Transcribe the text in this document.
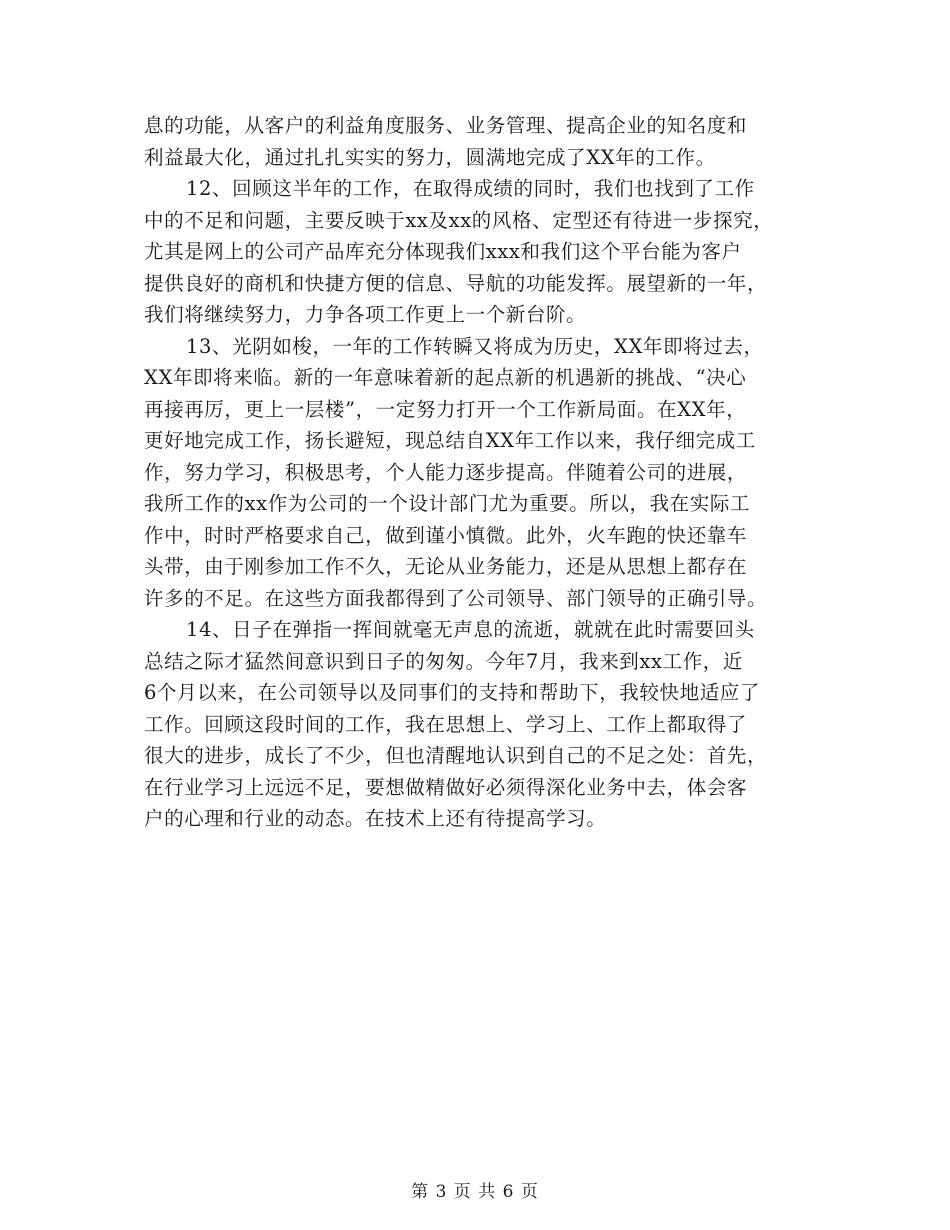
息的功能，从客户的利益角度服务、业务管理、提高企业的知名度和
利益最大化，通过扎扎实实的努力，圆满地完成了XX年的工作。
12、回顾这半年的工作，在取得成绩的同时，我们也找到了工作
中的不足和问题，主要反映于xx及xx的风格、定型还有待进一步探究，
尤其是网上的公司产品库充分体现我们xxx和我们这个平台能为客户
提供良好的商机和快捷方便的信息、导航的功能发挥。展望新的一年，
我们将继续努力，力争各项工作更上一个新台阶。
13、光阴如梭，一年的工作转瞬又将成为历史，XX年即将过去，
XX年即将来临。新的一年意味着新的起点新的机遇新的挑战、“决心
再接再厉，更上一层楼”，一定努力打开一个工作新局面。在XX年，
更好地完成工作，扬长避短，现总结自XX年工作以来，我仔细完成工
作，努力学习，积极思考，个人能力逐步提高。伴随着公司的进展，
我所工作的xx作为公司的一个设计部门尤为重要。所以，我在实际工
作中，时时严格要求自己，做到谨小慎微。此外，火车跑的快还靠车
头带，由于刚参加工作不久，无论从业务能力，还是从思想上都存在
许多的不足。在这些方面我都得到了公司领导、部门领导的正确引导。
14、日子在弹指一挥间就毫无声息的流逝，就就在此时需要回头
总结之际才猛然间意识到日子的匆匆。今年7月，我来到xx工作，近
6个月以来，在公司领导以及同事们的支持和帮助下，我较快地适应了
工作。回顾这段时间的工作，我在思想上、学习上、工作上都取得了
很大的进步，成长了不少，但也清醒地认识到自己的不足之处：首先，
在行业学习上远远不足，要想做精做好必须得深化业务中去，体会客
户的心理和行业的动态。在技术上还有待提高学习。
第 3 页 共 6 页
